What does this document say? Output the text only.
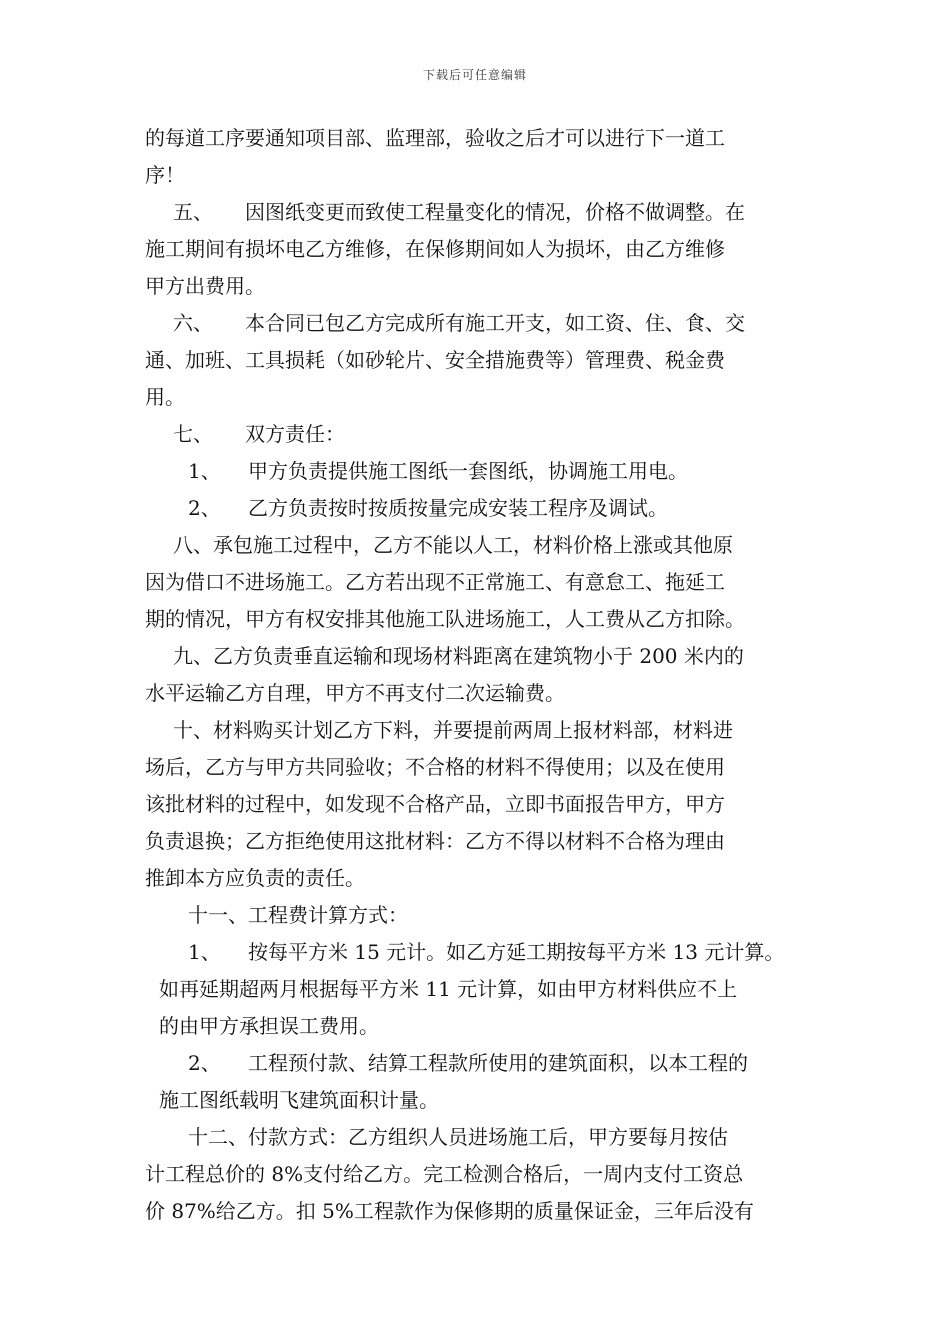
下载后可任意编辑

的每道工序要通知项目部、监理部，验收之后才可以进行下一道工

序！

五、 因图纸变更而致使工程量变化的情况，价格不做调整。在

施工期间有损坏电乙方维修，在保修期间如人为损坏，由乙方维修

甲方出费用。

六、 本合同已包乙方完成所有施工开支，如工资、住、食、交

通、加班、工具损耗（如砂轮片、安全措施费等）管理费、税金费

用。

七、 双方责任：

1、 甲方负责提供施工图纸一套图纸，协调施工用电。

2、 乙方负责按时按质按量完成安装工程序及调试。

八、承包施工过程中，乙方不能以人工，材料价格上涨或其他原

因为借口不进场施工。乙方若出现不正常施工、有意怠工、拖延工

期的情况，甲方有权安排其他施工队进场施工，人工费从乙方扣除。

九、乙方负责垂直运输和现场材料距离在建筑物小于 200 米内的

水平运输乙方自理，甲方不再支付二次运输费。

十、材料购买计划乙方下料，并要提前两周上报材料部，材料进

场后，乙方与甲方共同验收；不合格的材料不得使用；以及在使用

该批材料的过程中，如发现不合格产品，立即书面报告甲方，甲方

负责退换；乙方拒绝使用这批材料：乙方不得以材料不合格为理由

推卸本方应负责的责任。

十一、工程费计算方式：

1、 按每平方米 15 元计。如乙方延工期按每平方米 13 元计算。

如再延期超两月根据每平方米 11 元计算，如由甲方材料供应不上

的由甲方承担误工费用。

2、 工程预付款、结算工程款所使用的建筑面积，以本工程的

施工图纸载明飞建筑面积计量。

十二、付款方式：乙方组织人员进场施工后，甲方要每月按估

计工程总价的 8%支付给乙方。完工检测合格后，一周内支付工资总

价 87%给乙方。扣 5%工程款作为保修期的质量保证金，三年后没有
